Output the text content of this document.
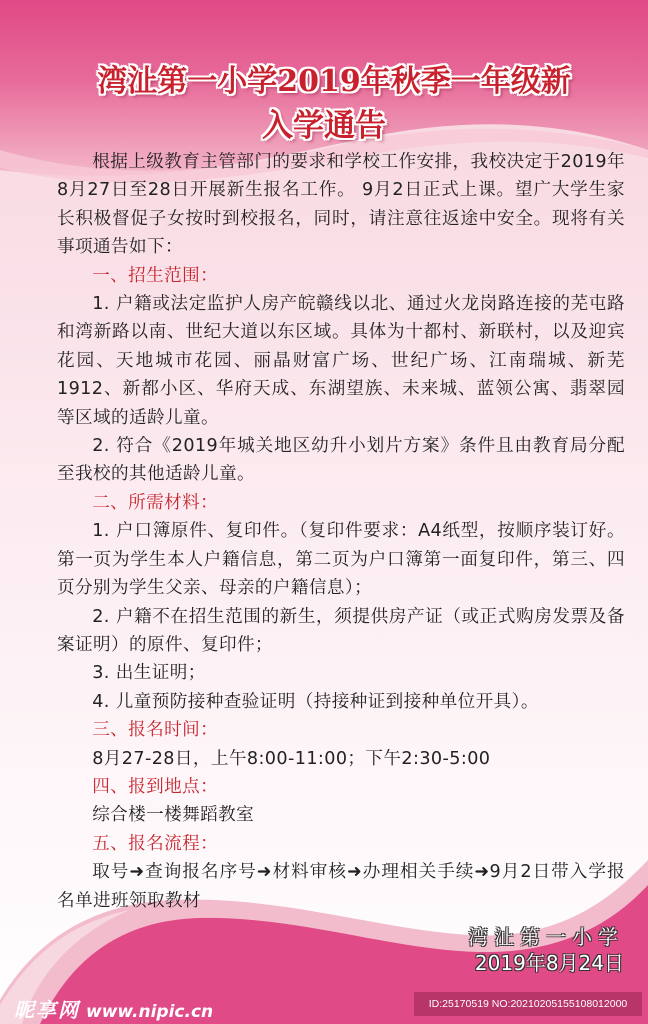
湾沚第一小学2019年秋季一年级新
入学通告

根据上级教育主管部门的要求和学校工作安排，我校决定于2019年8月27日至28日开展新生报名工作。 9月2日正式上课。望广大学生家长积极督促子女按时到校报名，同时，请注意往返途中安全。现将有关事项通告如下：

一、招生范围：

1. 户籍或法定监护人房产皖赣线以北、通过火龙岗路连接的芜屯路和湾新路以南、世纪大道以东区域。具体为十都村、新联村，以及迎宾花园、天地城市花园、丽晶财富广场、世纪广场、江南瑞城、新芜1912、新都小区、华府天成、东湖望族、未来城、蓝领公寓、翡翠园等区域的适龄儿童。

2. 符合《2019年城关地区幼升小划片方案》条件且由教育局分配至我校的其他适龄儿童。

二、所需材料：

1. 户口簿原件、复印件。（复印件要求：A4纸型，按顺序装订好。第一页为学生本人户籍信息，第二页为户口簿第一面复印件，第三、四页分别为学生父亲、母亲的户籍信息）；

2. 户籍不在招生范围的新生，须提供房产证（或正式购房发票及备案证明）的原件、复印件；

3. 出生证明；

4. 儿童预防接种查验证明（持接种证到接种单位开具）。

三、报名时间：

8月27-28日，上午8:00-11:00；下午2:30-5:00

四、报到地点：

综合楼一楼舞蹈教室

五、报名流程：

取号➜查询报名序号➜材料审核➜办理相关手续➜9月2日带入学报名单进班领取教材

湾沚第一小学
2019年8月24日
昵享网 www.nipic.cn	ID:25170519 NO:20210205155108012000
